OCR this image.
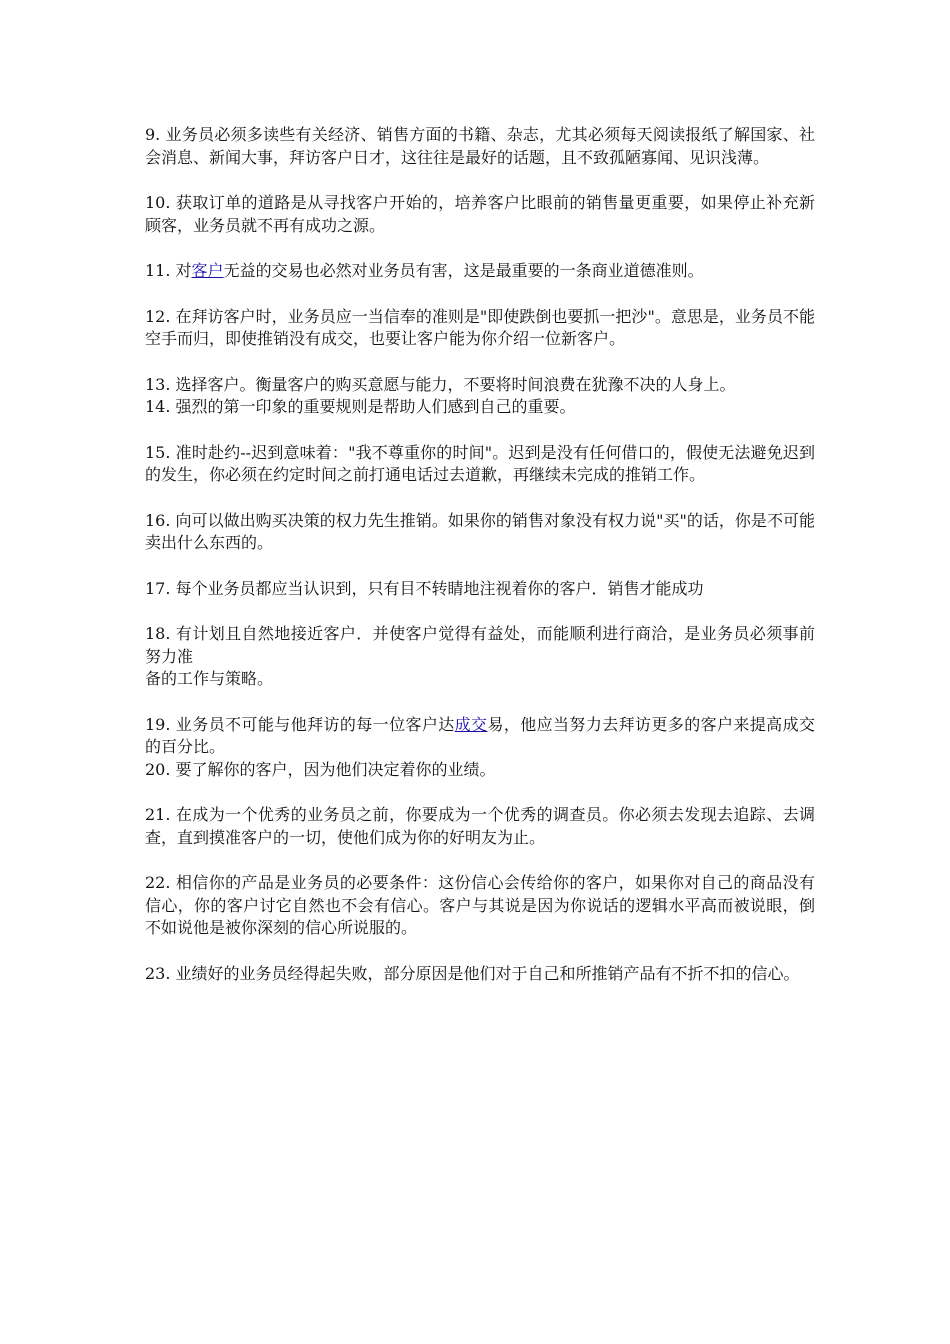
9. 业务员必须多读些有关经济、销售方面的书籍、杂志，尤其必须每天阅读报纸了解国家、社会消息、新闻大事，拜访客户日才，这往往是最好的话题，且不致孤陋寡闻、见识浅薄。

10. 获取订单的道路是从寻找客户开始的，培养客户比眼前的销售量更重要，如果停止补充新顾客，业务员就不再有成功之源。

11. 对客户无益的交易也必然对业务员有害，这是最重要的一条商业道德准则。

12. 在拜访客户时，业务员应一当信奉的准则是"即使跌倒也要抓一把沙"。意思是，业务员不能 空手而归，即使推销没有成交，也要让客户能为你介绍一位新客户。

13. 选择客户。衡量客户的购买意愿与能力，不要将时间浪费在犹豫不决的人身上。

14. 强烈的第一印象的重要规则是帮助人们感到自己的重要。

15. 准时赴约--迟到意味着："我不尊重你的时间"。迟到是没有任何借口的，假使无法避免迟到的发生，你必须在约定时间之前打通电话过去道歉，再继续未完成的推销工作。

16. 向可以做出购买决策的权力先生推销。如果你的销售对象没有权力说"买"的话，你是不可能卖出什么东西的。

17. 每个业务员都应当认识到，只有目不转睛地注视着你的客户．销售才能成功

18. 有计划且自然地接近客户．并使客户觉得有益处，而能顺利进行商洽，是业务员必须事前努力准

备的工作与策略。

19. 业务员不可能与他拜访的每一位客户达成交易，他应当努力去拜访更多的客户来提高成交的百分比。

20. 要了解你的客户，因为他们决定着你的业绩。

21. 在成为一个优秀的业务员之前，你要成为一个优秀的调查员。你必须去发现去追踪、去调查，直到摸准客户的一切，使他们成为你的好明友为止。

22. 相信你的产品是业务员的必要条件：这份信心会传给你的客户，如果你对自己的商品没有信心，你的客户讨它自然也不会有信心。客户与其说是因为你说话的逻辑水平高而被说眼，倒不如说他是被你深刻的信心所说服的。

23. 业绩好的业务员经得起失败，部分原因是他们对于自己和所推销产品有不折不扣的信心。
